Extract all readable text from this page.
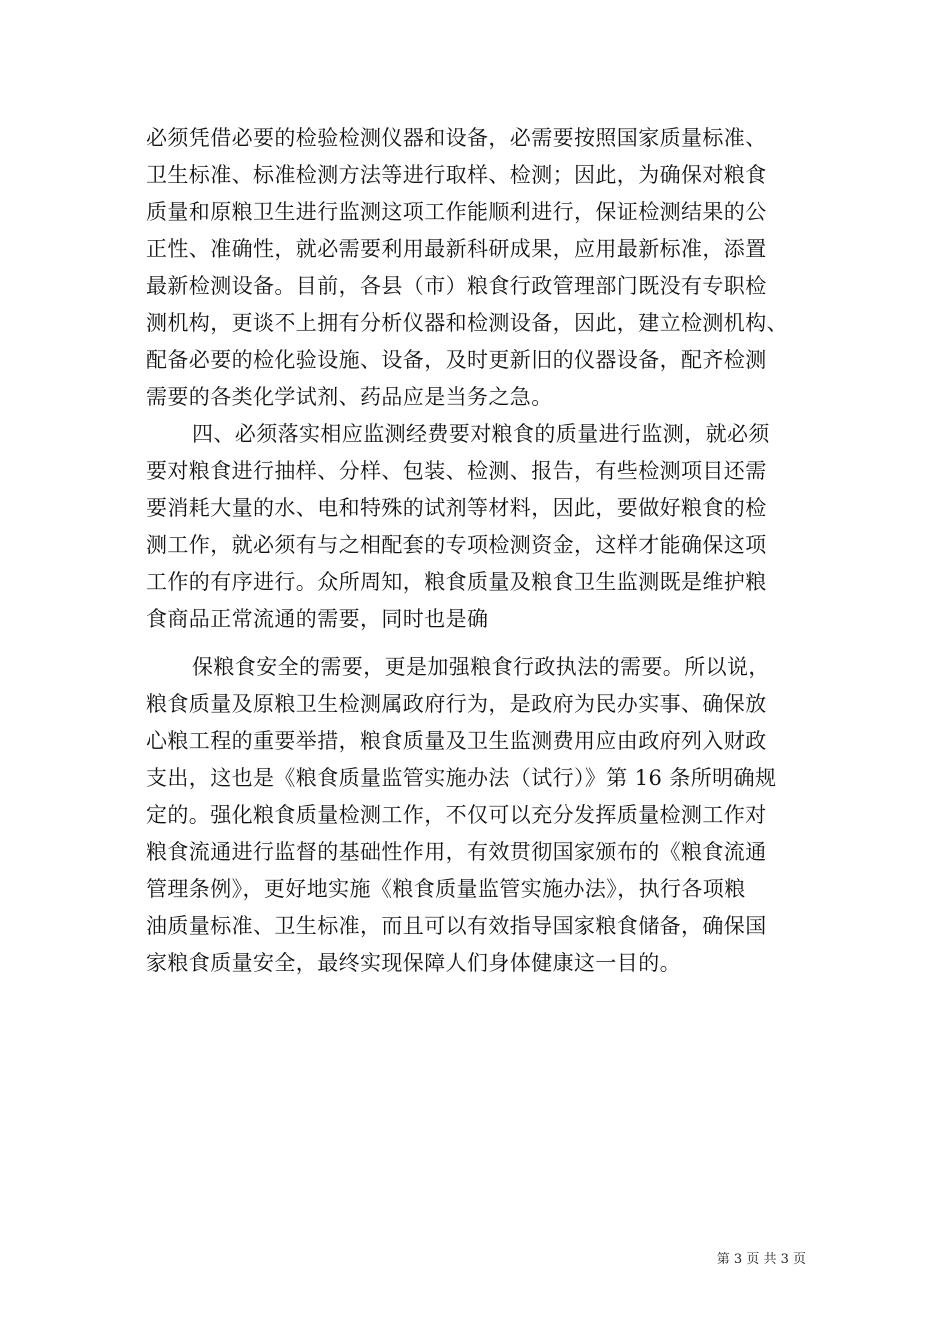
必须凭借必要的检验检测仪器和设备，必需要按照国家质量标准、
卫生标准、标准检测方法等进行取样、检测；因此，为确保对粮食
质量和原粮卫生进行监测这项工作能顺利进行，保证检测结果的公
正性、准确性，就必需要利用最新科研成果，应用最新标准，添置
最新检测设备。目前，各县（市）粮食行政管理部门既没有专职检
测机构，更谈不上拥有分析仪器和检测设备，因此，建立检测机构、
配备必要的检化验设施、设备，及时更新旧的仪器设备，配齐检测
需要的各类化学试剂、药品应是当务之急。
四、必须落实相应监测经费要对粮食的质量进行监测，就必须
要对粮食进行抽样、分样、包装、检测、报告，有些检测项目还需
要消耗大量的水、电和特殊的试剂等材料，因此，要做好粮食的检
测工作，就必须有与之相配套的专项检测资金，这样才能确保这项
工作的有序进行。众所周知，粮食质量及粮食卫生监测既是维护粮
食商品正常流通的需要，同时也是确
保粮食安全的需要，更是加强粮食行政执法的需要。所以说，
粮食质量及原粮卫生检测属政府行为，是政府为民办实事、确保放
心粮工程的重要举措，粮食质量及卫生监测费用应由政府列入财政
支出，这也是《粮食质量监管实施办法（试行）》第 16 条所明确规
定的。强化粮食质量检测工作，不仅可以充分发挥质量检测工作对
粮食流通进行监督的基础性作用，有效贯彻国家颁布的《粮食流通
管理条例》，更好地实施《粮食质量监管实施办法》，执行各项粮
油质量标准、卫生标准，而且可以有效指导国家粮食储备，确保国
家粮食质量安全，最终实现保障人们身体健康这一目的。
第 3 页 共 3 页
